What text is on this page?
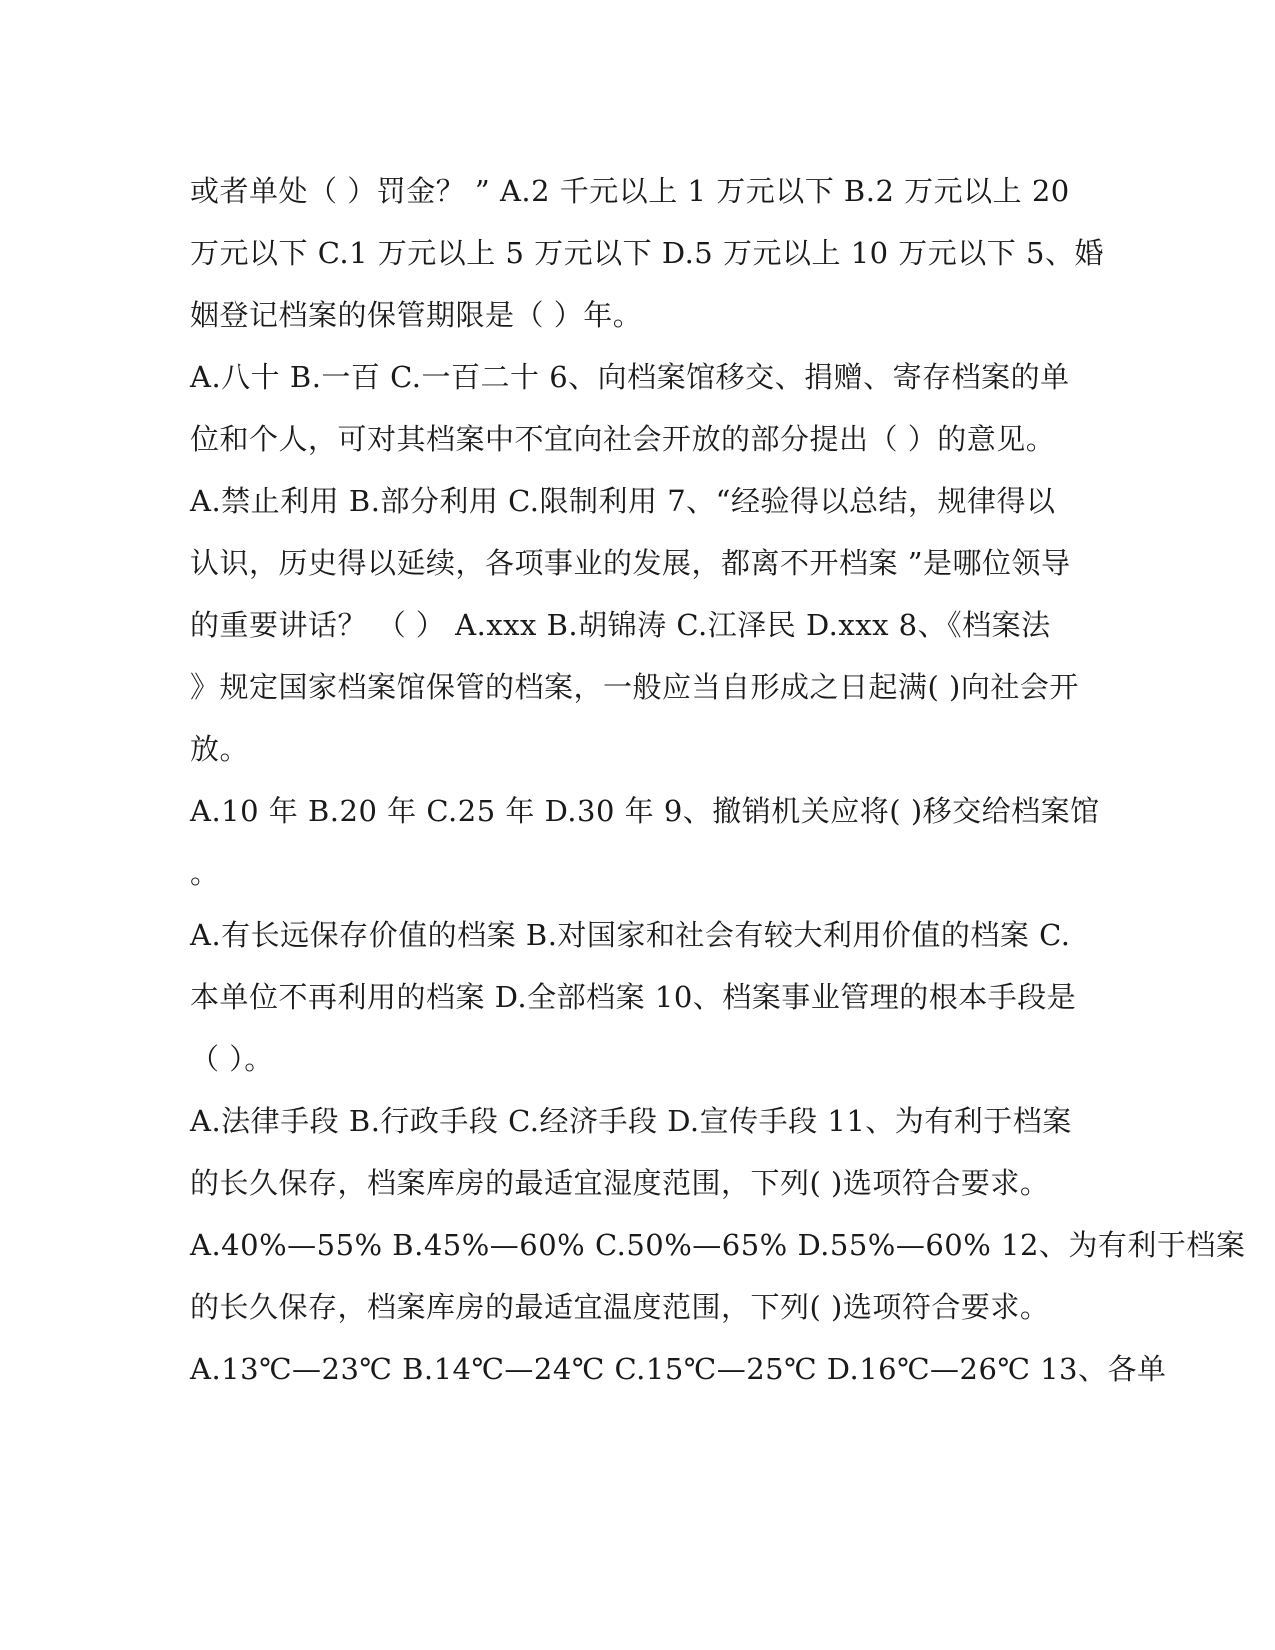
或者单处（ ）罚金？ ” A.2 千元以上 1 万元以下 B.2 万元以上 20
万元以下 C.1 万元以上 5 万元以下 D.5 万元以上 10 万元以下 5、婚
姻登记档案的保管期限是（ ）年。
A.八十 B.一百 C.一百二十 6、向档案馆移交、捐赠、寄存档案的单
位和个人，可对其档案中不宜向社会开放的部分提出（ ）的意见。
A.禁止利用 B.部分利用 C.限制利用 7、“经验得以总结，规律得以
认识，历史得以延续，各项事业的发展，都离不开档案 ”是哪位领导
的重要讲话？ （ ） A.xxx B.胡锦涛 C.江泽民 D.xxx 8、《档案法
》规定国家档案馆保管的档案，一般应当自形成之日起满( )向社会开
放。
A.10 年 B.20 年 C.25 年 D.30 年 9、撤销机关应将( )移交给档案馆
。
A.有长远保存价值的档案 B.对国家和社会有较大利用价值的档案 C.
本单位不再利用的档案 D.全部档案 10、档案事业管理的根本手段是
（ ）。
A.法律手段 B.行政手段 C.经济手段 D.宣传手段 11、为有利于档案
的长久保存，档案库房的最适宜湿度范围，下列( )选项符合要求。
A.40%—55% B.45%—60% C.50%—65% D.55%—60% 12、为有利于档案
的长久保存，档案库房的最适宜温度范围，下列( )选项符合要求。
A.13℃—23℃ B.14℃—24℃ C.15℃—25℃ D.16℃—26℃ 13、各单
